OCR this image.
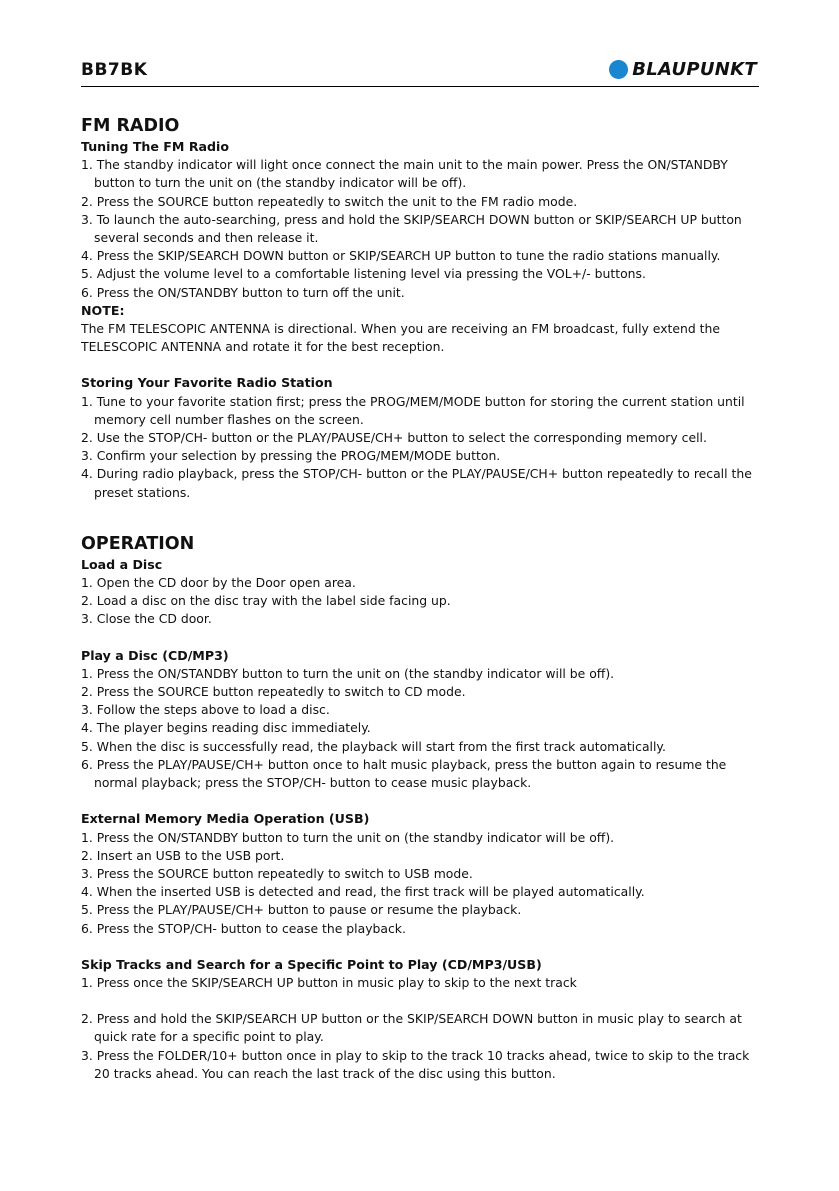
BB7BK	BLAUPUNKT
FM RADIO
Tuning The FM Radio
1. The standby indicator will light once connect the main unit to the main power. Press the ON/STANDBY button to turn the unit on (the standby indicator will be off).
2. Press the SOURCE button repeatedly to switch the unit to the FM radio mode.
3. To launch the auto-searching, press and hold the SKIP/SEARCH DOWN button or SKIP/SEARCH UP button several seconds and then release it.
4. Press the SKIP/SEARCH DOWN button or SKIP/SEARCH UP button to tune the radio stations manually.
5. Adjust the volume level to a comfortable listening level via pressing the VOL+/- buttons.
6. Press the ON/STANDBY button to turn off the unit.
NOTE:

The FM TELESCOPIC ANTENNA is directional. When you are receiving an FM broadcast, fully extend the TELESCOPIC ANTENNA and rotate it for the best reception.

Storing Your Favorite Radio Station
1. Tune to your favorite station first; press the PROG/MEM/MODE button for storing the current station until memory cell number flashes on the screen.
2. Use the STOP/CH- button or the PLAY/PAUSE/CH+ button to select the corresponding memory cell.
3. Confirm your selection by pressing the PROG/MEM/MODE button.
4. During radio playback, press the STOP/CH- button or the PLAY/PAUSE/CH+ button repeatedly to recall the preset stations.
OPERATION
Load a Disc
1. Open the CD door by the Door open area.
2. Load a disc on the disc tray with the label side facing up.
3. Close the CD door.
Play a Disc (CD/MP3)
1. Press the ON/STANDBY button to turn the unit on (the standby indicator will be off).
2. Press the SOURCE button repeatedly to switch to CD mode.
3. Follow the steps above to load a disc.
4. The player begins reading disc immediately.
5. When the disc is successfully read, the playback will start from the first track automatically.
6. Press the PLAY/PAUSE/CH+ button once to halt music playback, press the button again to resume the normal playback; press the STOP/CH- button to cease music playback.
External Memory Media Operation (USB)
1. Press the ON/STANDBY button to turn the unit on (the standby indicator will be off).
2. Insert an USB to the USB port.
3. Press the SOURCE button repeatedly to switch to USB mode.
4. When the inserted USB is detected and read, the first track will be played automatically.
5. Press the PLAY/PAUSE/CH+ button to pause or resume the playback.
6. Press the STOP/CH- button to cease the playback.
Skip Tracks and Search for a Specific Point to Play (CD/MP3/USB)
1. Press once the SKIP/SEARCH UP button in music play to skip to the next track
2. Press and hold the SKIP/SEARCH UP button or the SKIP/SEARCH DOWN button in music play to search at quick rate for a specific point to play.
3. Press the FOLDER/10+ button once in play to skip to the track 10 tracks ahead, twice to skip to the track 20 tracks ahead. You can reach the last track of the disc using this button.
